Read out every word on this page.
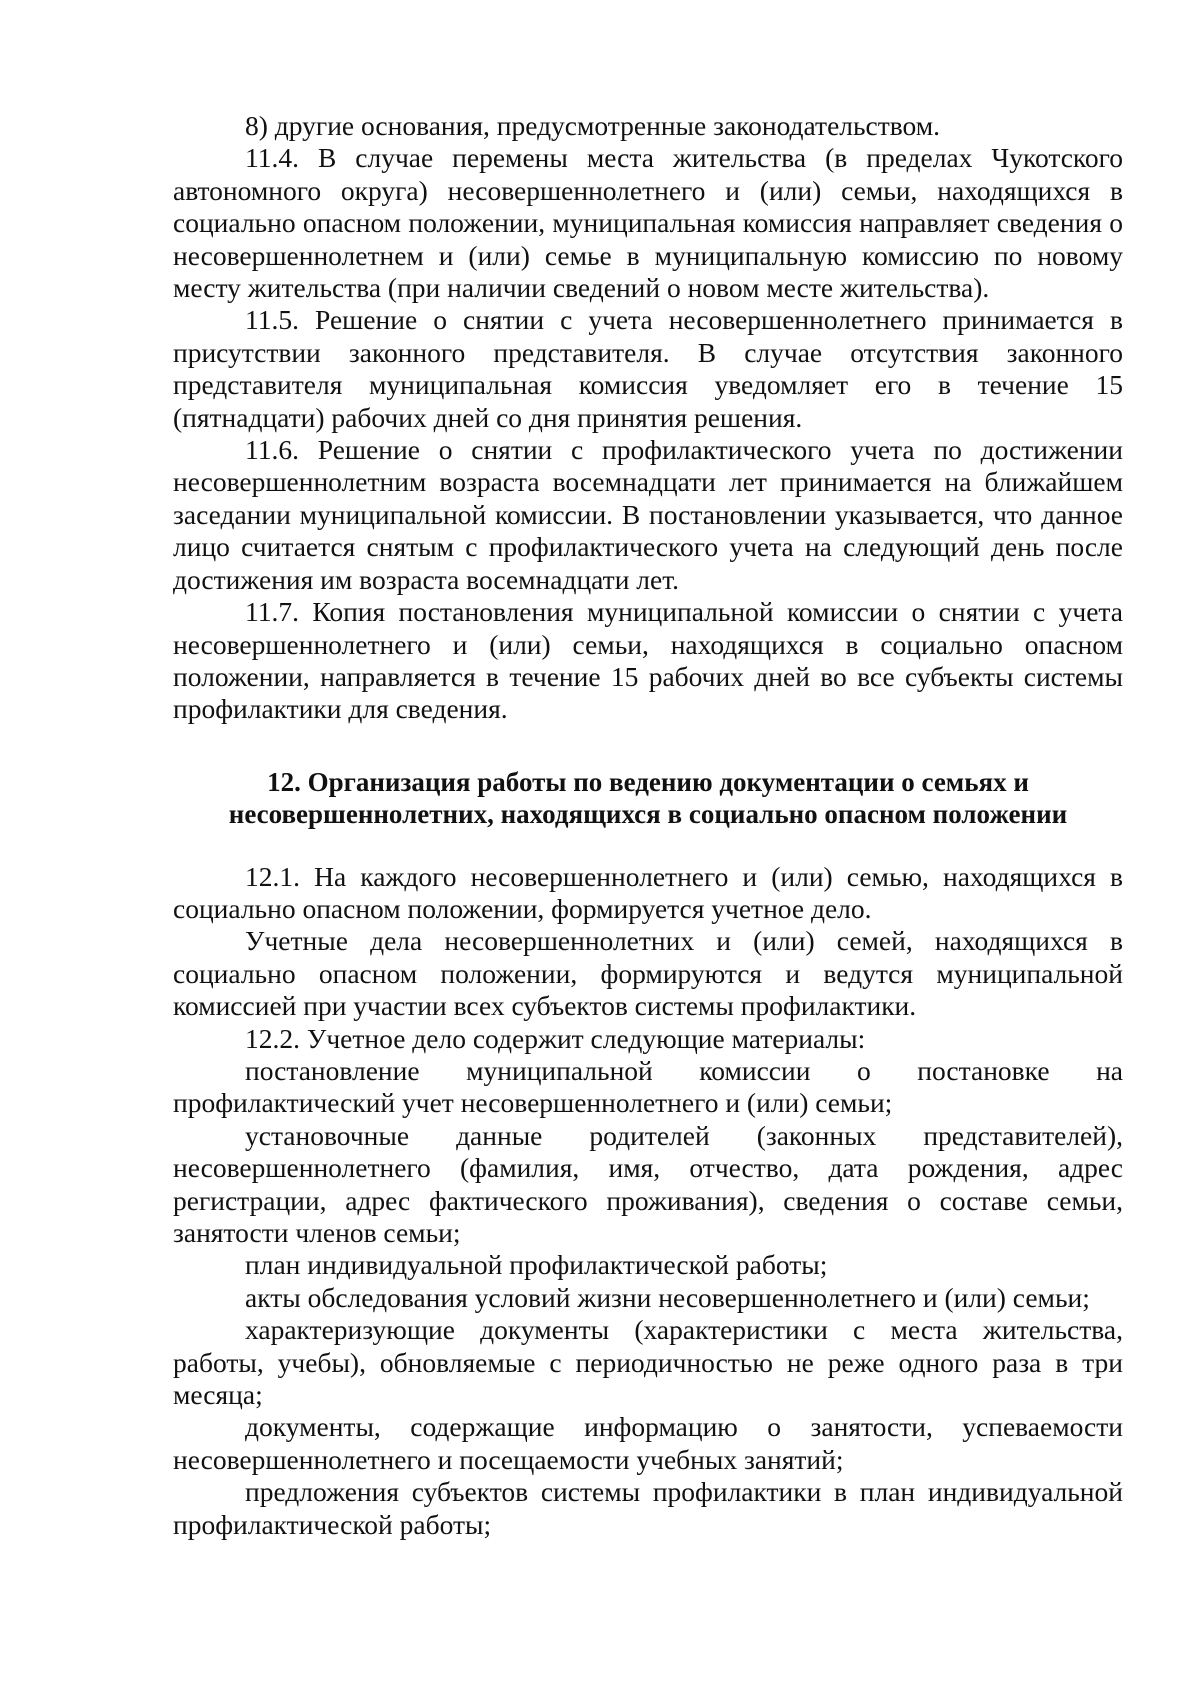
8) другие основания, предусмотренные законодательством.

11.4. В случае перемены места жительства (в пределах Чукотского автономного округа) несовершеннолетнего и (или) семьи, находящихся в социально опасном положении, муниципальная комиссия направляет сведения о несовершеннолетнем и (или) семье в муниципальную комиссию по новому месту жительства (при наличии сведений о новом месте жительства).

11.5. Решение о снятии с учета несовершеннолетнего принимается в присутствии законного представителя. В случае отсутствия законного представителя муниципальная комиссия уведомляет его в течение 15 (пятнадцати) рабочих дней со дня принятия решения.

11.6. Решение о снятии с профилактического учета по достижении несовершеннолетним возраста восемнадцати лет принимается на ближайшем заседании муниципальной комиссии. В постановлении указывается, что данное лицо считается снятым с профилактического учета на следующий день после достижения им возраста восемнадцати лет.

11.7. Копия постановления муниципальной комиссии о снятии с учета несовершеннолетнего и (или) семьи, находящихся в социально опасном положении, направляется в течение 15 рабочих дней во все субъекты системы профилактики для сведения.

12. Организация работы по ведению документации о семьях и
несовершеннолетних, находящихся в социально опасном положении

12.1. На каждого несовершеннолетнего и (или) семью, находящихся в социально опасном положении, формируется учетное дело.

Учетные дела несовершеннолетних и (или) семей, находящихся в социально опасном положении, формируются и ведутся муниципальной комиссией при участии всех субъектов системы профилактики.

12.2. Учетное дело содержит следующие материалы:

постановление муниципальной комиссии о постановке на профилактический учет несовершеннолетнего и (или) семьи;

установочные данные родителей (законных представителей), несовершеннолетнего (фамилия, имя, отчество, дата рождения, адрес регистрации, адрес фактического проживания), сведения о составе семьи, занятости членов семьи;

план индивидуальной профилактической работы;

акты обследования условий жизни несовершеннолетнего и (или) семьи;

характеризующие документы (характеристики с места жительства, работы, учебы), обновляемые с периодичностью не реже одного раза в три месяца;

документы, содержащие информацию о занятости, успеваемости несовершеннолетнего и посещаемости учебных занятий;

предложения субъектов системы профилактики в план индивидуальной профилактической работы;
